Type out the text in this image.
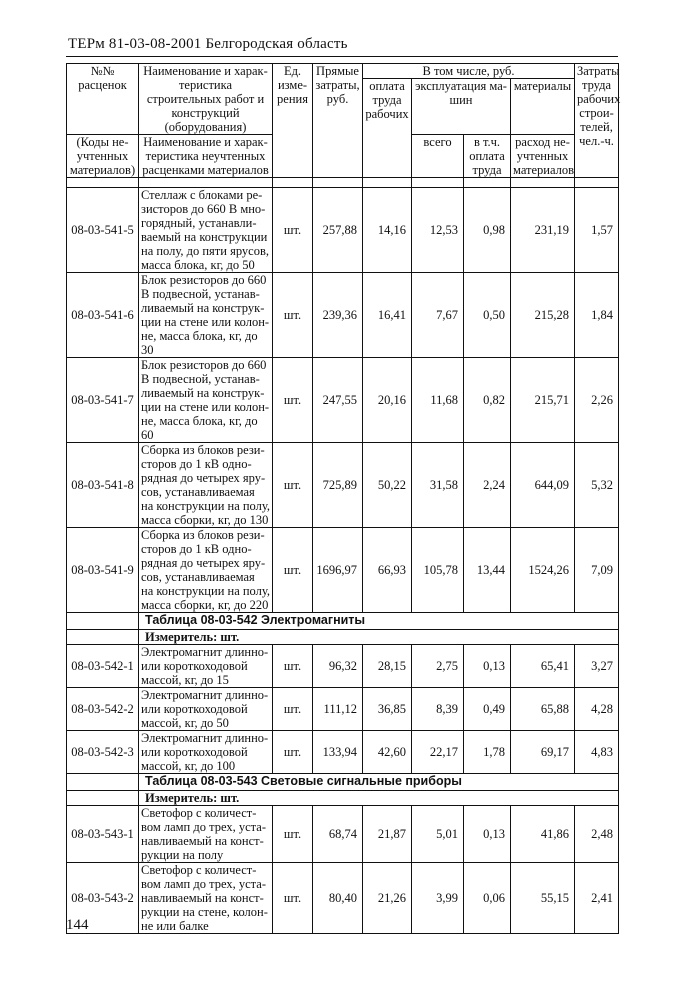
ТЕРм 81-03-08-2001 Белгородская область
№№ расценок	Наименование и харак-теристика строительных работ и конструкций (оборудования)	Ед. изме-рения	Прямые затраты, руб.	В том числе, руб.				Затраты труда рабочих строи-телей, чел.-ч.
				оплата труда рабочих	эксплуатация ма-шин		материалы	
(Коды не-учтенных материалов)	Наименование и харак-теристика неучтенных расценками материалов				всего	в т.ч. оплата труда	расход не-учтенных материалов	

08-03-541-5	Стеллаж с блоками ре-зисторов до 660 В мно-горядный, устанавли-ваемый на конструкции на полу, до пяти ярусов, масса блока, кг, до 50	шт.	257,88	14,16	12,53	0,98	231,19	1,57
08-03-541-6	Блок резисторов до 660 В подвесной, устанав-ливаемый на конструк-ции на стене или колон-не, масса блока, кг, до 30	шт.	239,36	16,41	7,67	0,50	215,28	1,84
08-03-541-7	Блок резисторов до 660 В подвесной, устанав-ливаемый на конструк-ции на стене или колон-не, масса блока, кг, до 60	шт.	247,55	20,16	11,68	0,82	215,71	2,26
08-03-541-8	Сборка из блоков рези-сторов до 1 кВ одно-рядная до четырех яру-сов, устанавливаемая на конструкции на полу, масса сборки, кг, до 130	шт.	725,89	50,22	31,58	2,24	644,09	5,32
08-03-541-9	Сборка из блоков рези-сторов до 1 кВ одно-рядная до четырех яру-сов, устанавливаемая на конструкции на полу, масса сборки, кг, до 220	шт.	1696,97	66,93	105,78	13,44	1524,26	7,09
	Таблица 08-03-542 Электромагниты							
	Измеритель: шт.							
08-03-542-1	Электромагнит длинно-или короткоходовой массой, кг, до 15	шт.	96,32	28,15	2,75	0,13	65,41	3,27
08-03-542-2	Электромагнит длинно-или короткоходовой массой, кг, до 50	шт.	111,12	36,85	8,39	0,49	65,88	4,28
08-03-542-3	Электромагнит длинно-или короткоходовой массой, кг, до 100	шт.	133,94	42,60	22,17	1,78	69,17	4,83
	Таблица 08-03-543 Световые сигнальные приборы							
	Измеритель: шт.							
08-03-543-1	Светофор с количест-вом ламп до трех, уста-навливаемый на конст-рукции на полу	шт.	68,74	21,87	5,01	0,13	41,86	2,48
08-03-543-2	Светофор с количест-вом ламп до трех, уста-навливаемый на конст-рукции на стене, колон-не или балке	шт.	80,40	21,26	3,99	0,06	55,15	2,41
144
